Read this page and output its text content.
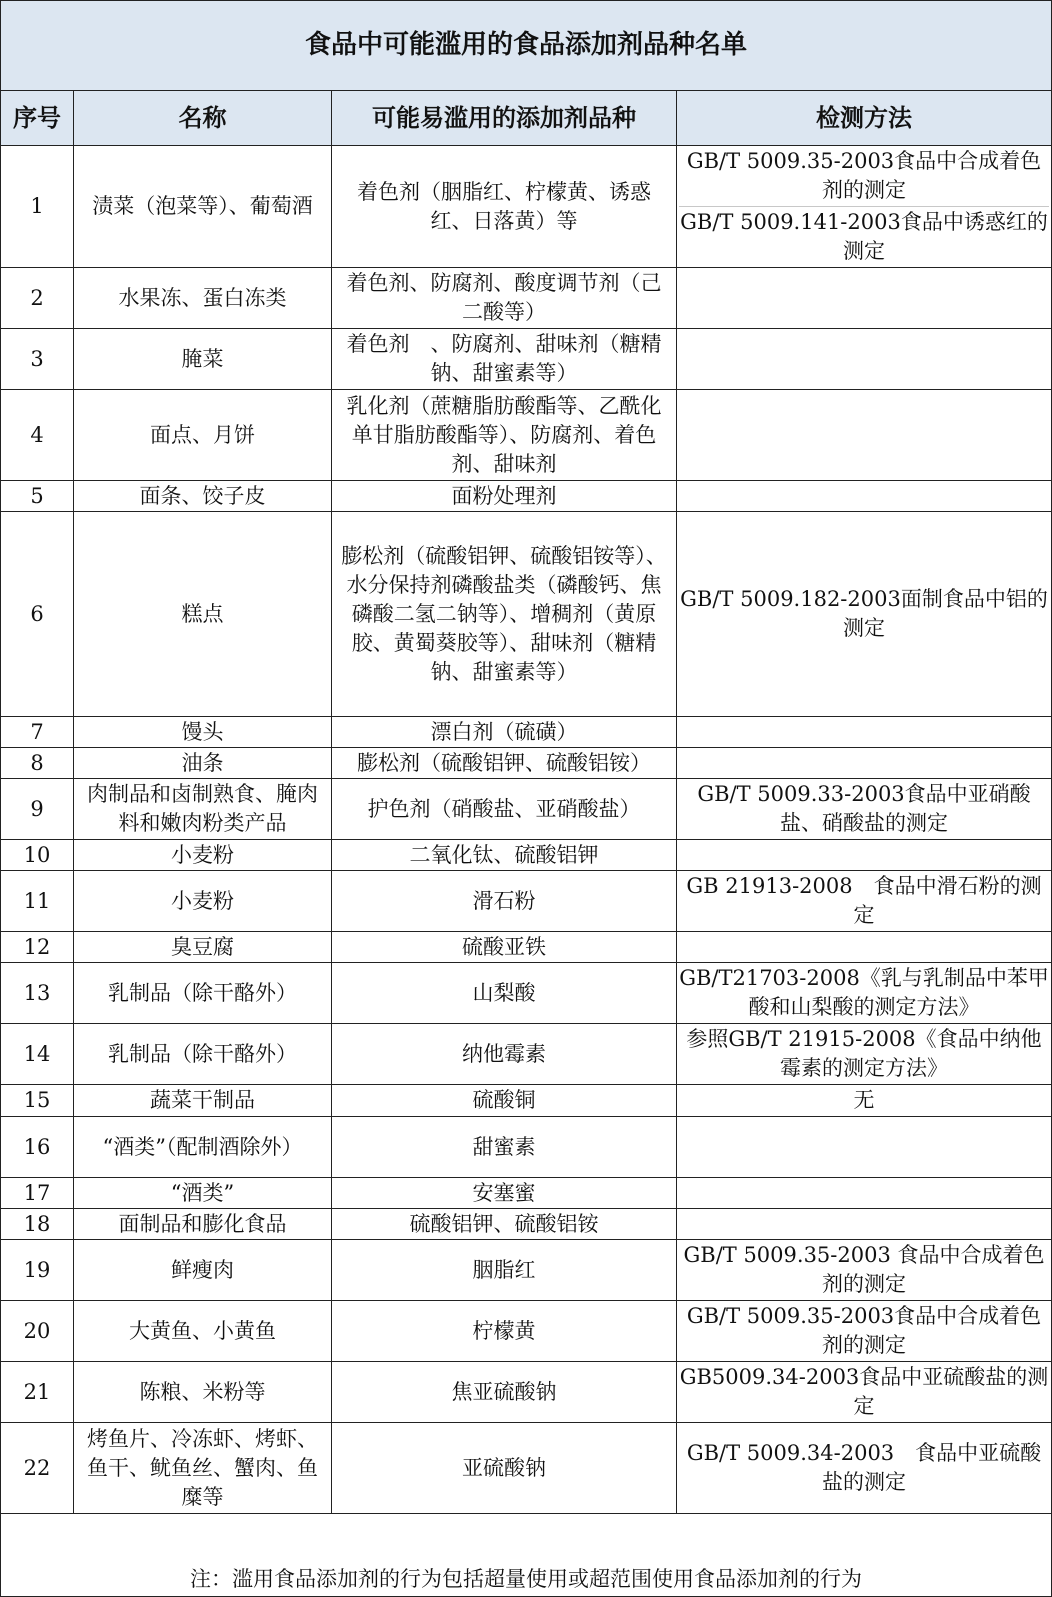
食品中可能滥用的食品添加剂品种名单			
序号	名称	可能易滥用的添加剂品种	检测方法
1	渍菜（泡菜等）、葡萄酒	着色剂（胭脂红、柠檬黄、诱惑红、日落黄）等	GB/T 5009.35-2003食品中合成着色剂的测定
GB/T 5009.141-2003食品中诱惑红的测定

2	水果冻、蛋白冻类	着色剂、防腐剂、酸度调节剂（己二酸等）	
3	腌菜	着色剂　、防腐剂、甜味剂（糖精钠、甜蜜素等）	
4	面点、月饼	乳化剂（蔗糖脂肪酸酯等、乙酰化单甘脂肪酸酯等）、防腐剂、着色剂、甜味剂	
5	面条、饺子皮	面粉处理剂	
6	糕点	膨松剂（硫酸铝钾、硫酸铝铵等）、水分保持剂磷酸盐类（磷酸钙、焦磷酸二氢二钠等）、增稠剂（黄原胶、黄蜀葵胶等）、甜味剂（糖精钠、甜蜜素等）	GB/T 5009.182-2003面制食品中铝的测定

7	馒头	漂白剂（硫磺）	
8	油条	膨松剂（硫酸铝钾、硫酸铝铵）	
9	肉制品和卤制熟食、腌肉料和嫩肉粉类产品	护色剂（硝酸盐、亚硝酸盐）	GB/T 5009.33-2003食品中亚硝酸盐、硝酸盐的测定

10	小麦粉	二氧化钛、硫酸铝钾	
11	小麦粉	滑石粉	GB 21913-2008　食品中滑石粉的测定

12	臭豆腐	硫酸亚铁	
13	乳制品（除干酪外）	山梨酸	GB/T21703-2008《乳与乳制品中苯甲酸和山梨酸的测定方法》

14	乳制品（除干酪外）	纳他霉素	参照GB/T 21915-2008《食品中纳他霉素的测定方法》

15	蔬菜干制品	硫酸铜	无

16	“酒类”（配制酒除外）	甜蜜素	
17	“酒类”	安塞蜜	
18	面制品和膨化食品	硫酸铝钾、硫酸铝铵	
19	鲜瘦肉	胭脂红	GB/T 5009.35-2003 食品中合成着色剂的测定

20	大黄鱼、小黄鱼	柠檬黄	GB/T 5009.35-2003食品中合成着色剂的测定

21	陈粮、米粉等	焦亚硫酸钠	GB5009.34-2003食品中亚硫酸盐的测定

22	烤鱼片、冷冻虾、烤虾、鱼干、鱿鱼丝、蟹肉、鱼糜等	亚硫酸钠	GB/T 5009.34-2003　食品中亚硫酸盐的测定

注：滥用食品添加剂的行为包括超量使用或超范围使用食品添加剂的行为			
